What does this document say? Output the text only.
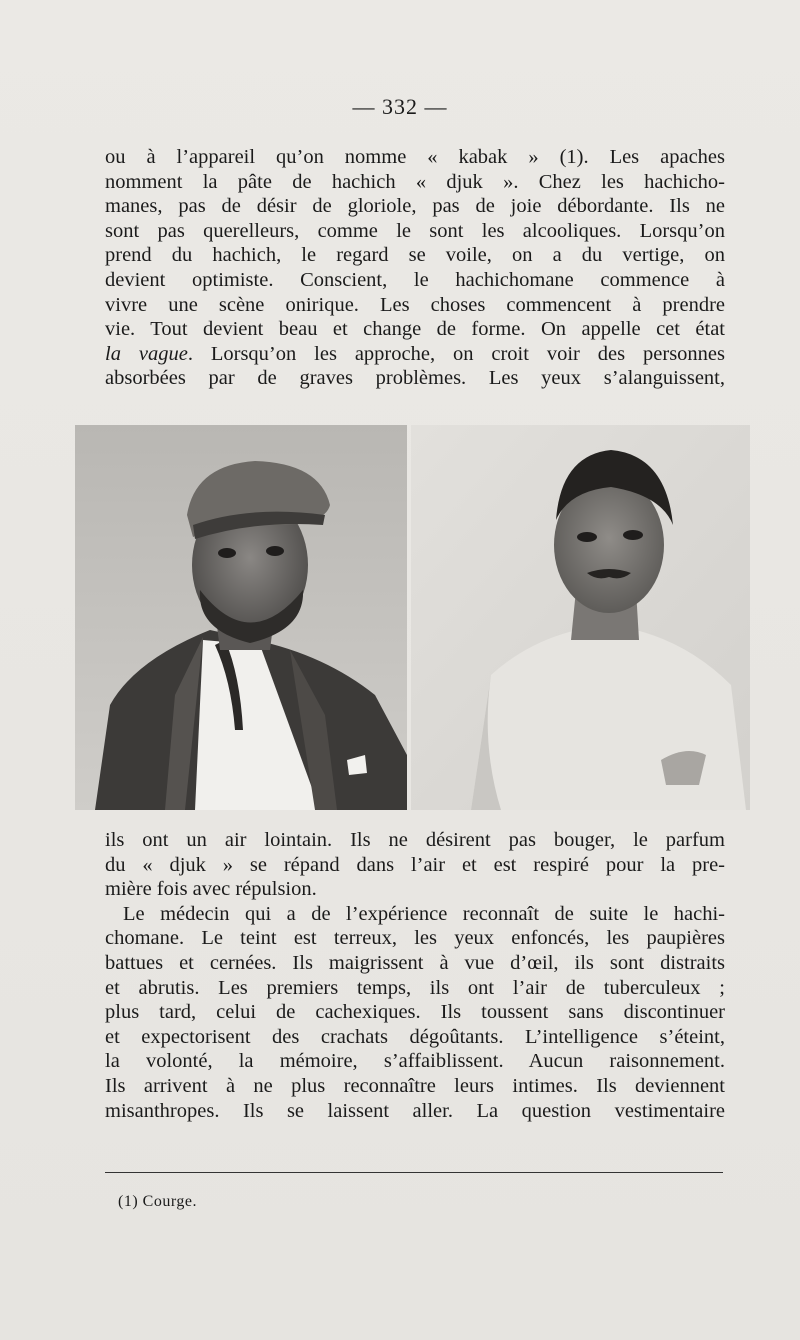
— 332 —
ou à l’appareil qu’on nomme « kabak » (1). Les apaches
nomment la pâte de hachich « djuk ». Chez les hachicho-
manes, pas de désir de gloriole, pas de joie débordante. Ils ne
sont pas querelleurs, comme le sont les alcooliques. Lorsqu’on
prend du hachich, le regard se voile, on a du vertige, on
devient optimiste. Conscient, le hachichomane commence à
vivre une scène onirique. Les choses commencent à prendre
vie. Tout devient beau et change de forme. On appelle cet état
la vague. Lorsqu’on les approche, on croit voir des personnes
absorbées par de graves problèmes. Les yeux s’alanguissent,
ils ont un air lointain. Ils ne désirent pas bouger, le parfum
du « djuk » se répand dans l’air et est respiré pour la pre-
mière fois avec répulsion.
Le médecin qui a de l’expérience reconnaît de suite le hachi-
chomane. Le teint est terreux, les yeux enfoncés, les paupières
battues et cernées. Ils maigrissent à vue d’œil, ils sont distraits
et abrutis. Les premiers temps, ils ont l’air de tuberculeux ;
plus tard, celui de cachexiques. Ils toussent sans discontinuer
et expectorisent des crachats dégoûtants. L’intelligence s’éteint,
la volonté, la mémoire, s’affaiblissent. Aucun raisonnement.
Ils arrivent à ne plus reconnaître leurs intimes. Ils deviennent
misanthropes. Ils se laissent aller. La question vestimentaire
(1) Courge.
